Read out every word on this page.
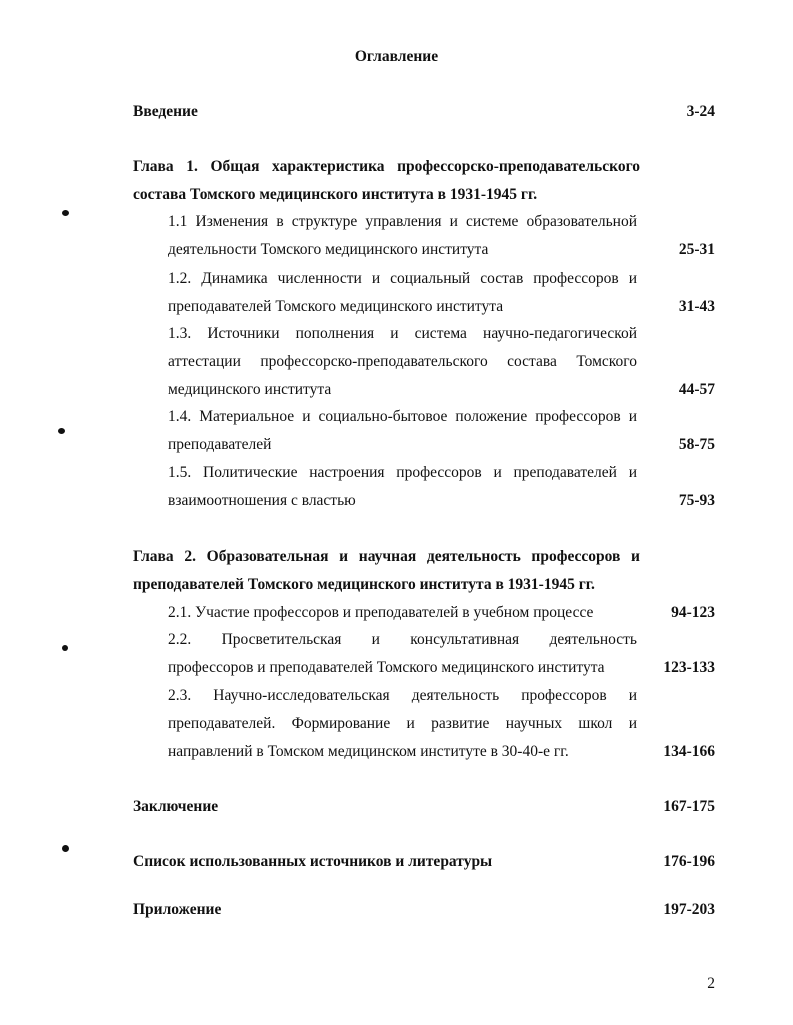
Оглавление
Введение	3-24
Глава 1. Общая характеристика профессорско-преподавательского
состава Томского медицинского института в 1931-1945 гг.
1.1 Изменения в структуре управления и системе образовательной
деятельности Томского медицинского института	25-31
1.2. Динамика численности и социальный состав профессоров и
преподавателей Томского медицинского института	31-43
1.3. Источники пополнения и система научно-педагогической
аттестации профессорско-преподавательского состава Томского
медицинского института	44-57
1.4. Материальное и социально-бытовое положение профессоров и
преподавателей	58-75
1.5. Политические настроения профессоров и преподавателей и
взаимоотношения с властью	75-93
Глава 2. Образовательная и научная деятельность профессоров и
преподавателей Томского медицинского института в 1931-1945 гг.
2.1. Участие профессоров и преподавателей в учебном процессе	94-123
2.2. Просветительская и консультативная деятельность
профессоров и преподавателей Томского медицинского института	123-133
2.3. Научно-исследовательская деятельность профессоров и
преподавателей. Формирование и развитие научных школ и
направлений в Томском медицинском институте в 30-40-е гг.	134-166
Заключение	167-175
Список использованных источников и литературы	176-196
Приложение	197-203
2
